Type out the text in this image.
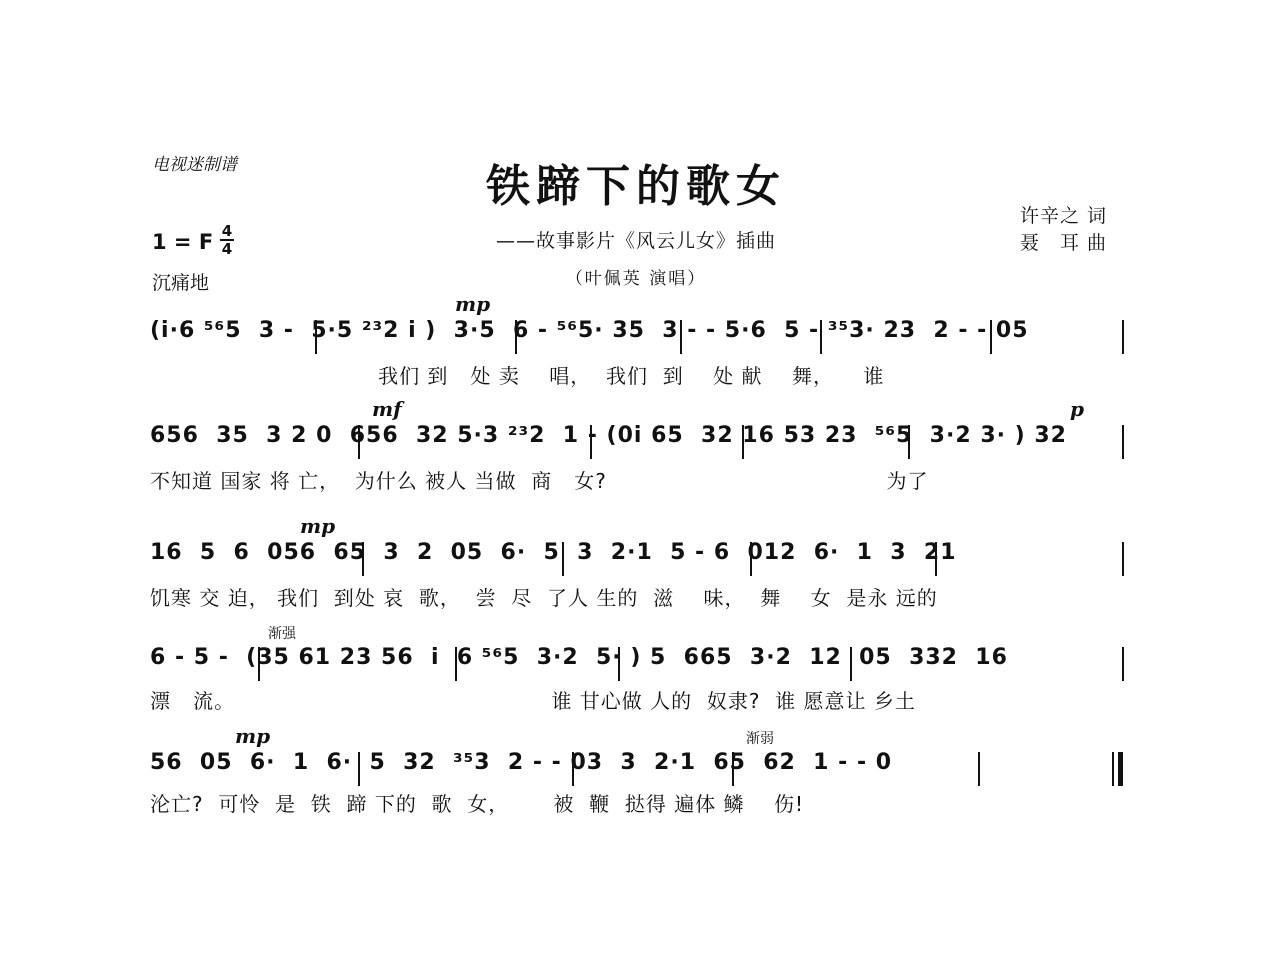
电视迷制谱	铁蹄下的歌女
——故事影片《风云儿女》插曲
（叶佩英 演唱）
许辛之 词
聂　耳 曲
1 = F 4
4
沉痛地
mp
(i·6 ⁵⁶5  3 -  5·5 ²³2 i )  3·5  6 - ⁵⁶5· 35  3 - - 5·6  5 - ³⁵3· 23  2 - - 05
我们 到   处 卖    唱，  我们  到    处 献    舞，    谁
mf	p
656  35  3 2 0  656  32 5·3 ²³2  1 - (0i 65  32 16 53 23  ⁵⁶5  3·2 3· ) 32
不知道 国家 将 亡，  为什么 被人 当做  商   女?                                      为了
mp
16  5  6  056  65  3  2  05  6·  5  3  2·1  5 - 6  012  6·  1  3  21
饥寒 交 迫， 我们  到处 哀  歌，  尝  尽  了人 生的  滋    味，  舞    女  是永 远的
渐强
6 - 5 -  (35 61 23 56  i  6 ⁵⁶5  3·2  5· ) 5  665  3·2  12  05  332  16
漂   流。                                           谁 甘心做 人的  奴隶?  谁 愿意让 乡土
mp	渐弱
56  05  6·  1  6·  5  32  ³⁵3  2 - - 03  3  2·1  65  62  1 - - 0
沦亡?  可怜  是  铁  蹄 下的  歌  女，      被  鞭  挞得 遍体 鳞    伤!
